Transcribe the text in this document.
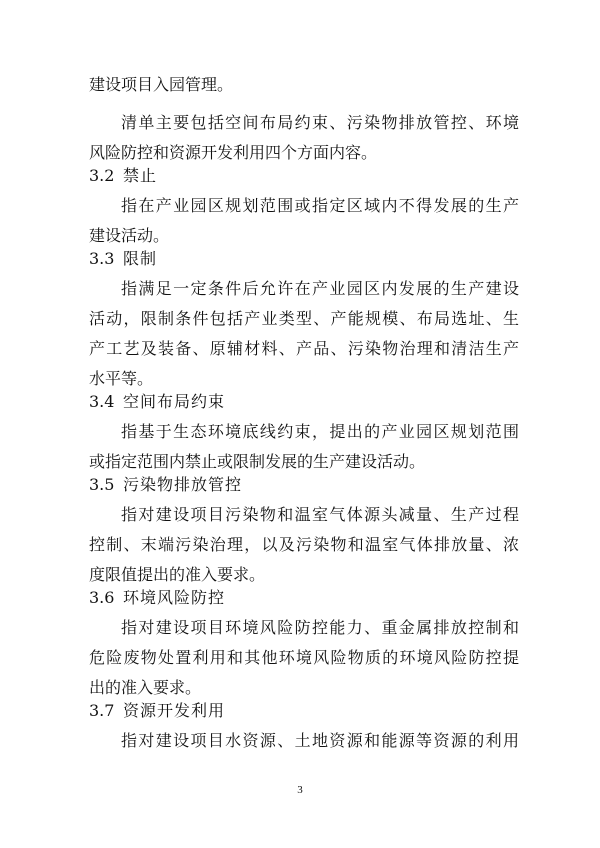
建设项目入园管理。
清单主要包括空间布局约束、污染物排放管控、环境
风险防控和资源开发利用四个方面内容。
3.2 禁止
指在产业园区规划范围或指定区域内不得发展的生产
建设活动。
3.3 限制
指满足一定条件后允许在产业园区内发展的生产建设
活动，限制条件包括产业类型、产能规模、布局选址、生
产工艺及装备、原辅材料、产品、污染物治理和清洁生产
水平等。
3.4 空间布局约束
指基于生态环境底线约束，提出的产业园区规划范围
或指定范围内禁止或限制发展的生产建设活动。
3.5 污染物排放管控
指对建设项目污染物和温室气体源头减量、生产过程
控制、末端污染治理，以及污染物和温室气体排放量、浓
度限值提出的准入要求。
3.6 环境风险防控
指对建设项目环境风险防控能力、重金属排放控制和
危险废物处置利用和其他环境风险物质的环境风险防控提
出的准入要求。
3.7 资源开发利用
指对建设项目水资源、土地资源和能源等资源的利用
3
